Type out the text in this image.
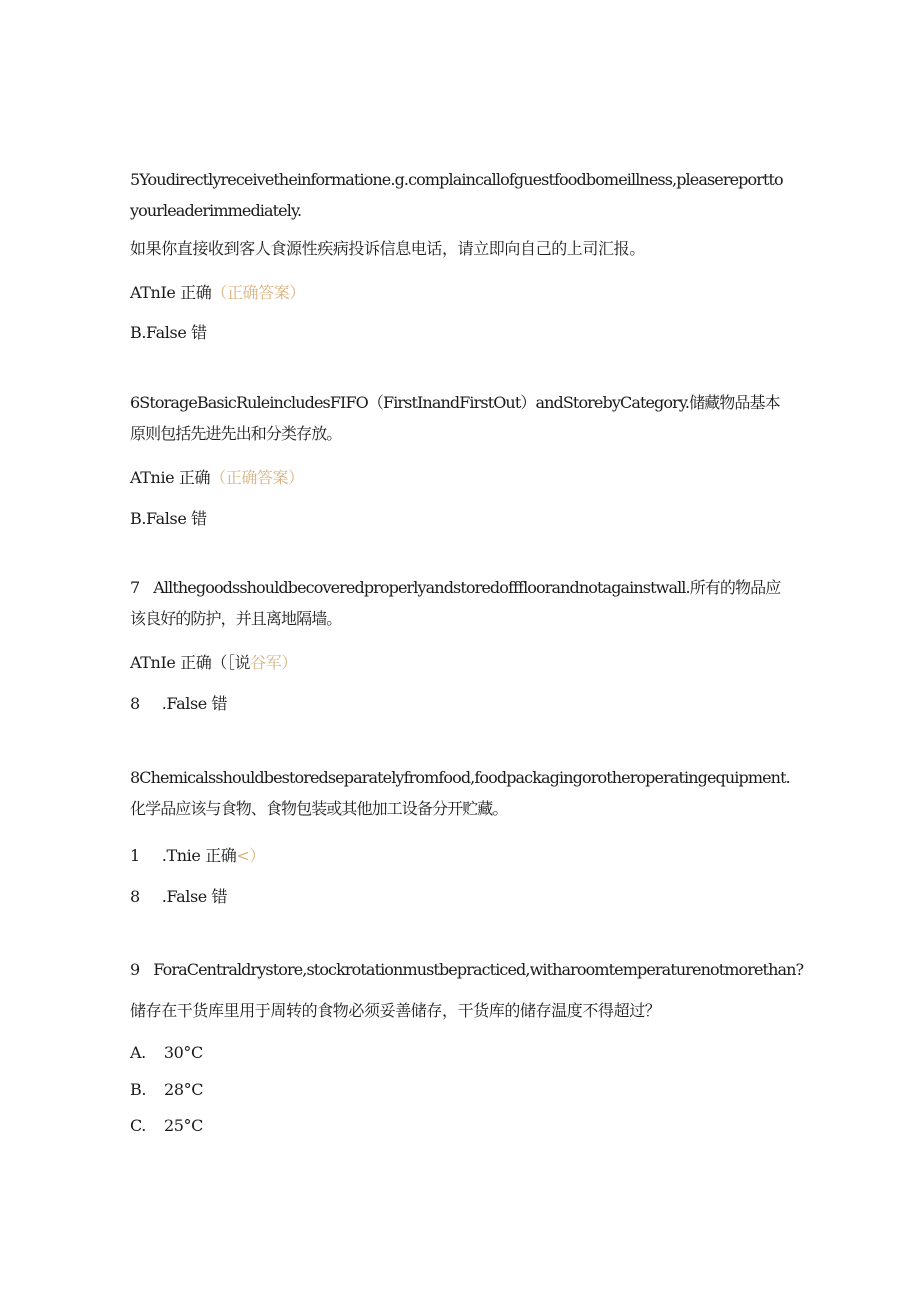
5Youdirectlyreceivetheinformatione.g.complaincallofguestfoodbomeillness,pleasereporttoyourleaderimmediately.
如果你直接收到客人食源性疾病投诉信息电话，请立即向自己的上司汇报。
ATnIe 正确（正确答案）
B.False 错
6StorageBasicRuleincludesFIFO（FirstInandFirstOut）andStorebyCategory.储藏物品基本原则包括先进先出和分类存放。
ATnie 正确（正确答案）
B.False 错
7 Allthegoodsshouldbecoveredproperlyandstoredofffloorandnotagainstwall.所有的物品应该良好的防护，并且离地隔墙。
ATnIe 正确（［说谷军）
8 .False 错
8Chemicalsshouldbestoredseparatelyfromfood,foodpackagingorotheroperatingequipment.化学品应该与食物、食物包装或其他加工设备分开贮藏。
1 .Tnie 正确<）
8 .False 错
9 ForaCentraldrystore,stockrotationmustbepracticed,witharoomtemperaturenotmorethan?
储存在干货库里用于周转的食物必须妥善储存，干货库的储存温度不得超过？
A. 30°C
B. 28°C
C. 25°C
